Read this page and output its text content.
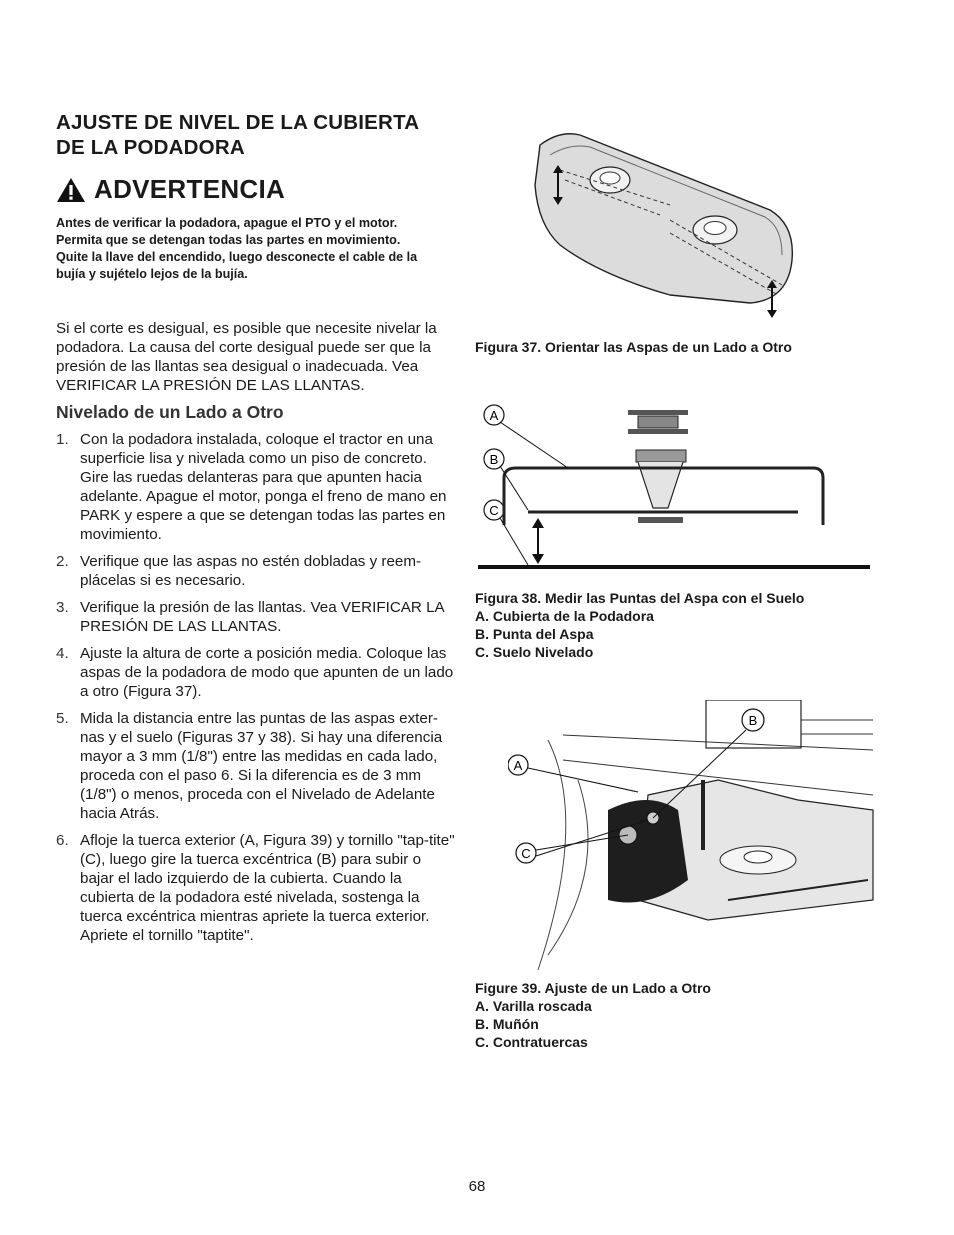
AJUSTE DE NIVEL DE LA CUBIERTA
DE LA PODADORA
ADVERTENCIA
Antes de verificar la podadora, apague el PTO y el motor. Permita que se detengan todas las partes en movimiento. Quite la llave del encendido, luego desconecte el cable de la bujía y sujételo lejos de la bujía.
Si el corte es desigual, es posible que necesite nivelar la podadora. La causa del corte desigual puede ser que la presión de las llantas sea desigual o inadecuada. Vea VERIFICAR LA PRESIÓN DE LAS LLANTAS.
Nivelado de un Lado a Otro
1. Con la podadora instalada, coloque el tractor en una superficie lisa y nivelada como un piso de concreto. Gire las ruedas delanteras para que apunten hacia adelante. Apague el motor, ponga el freno de mano en PARK y espere a que se detengan todas las partes en movimiento.
2. Verifique que las aspas no estén dobladas y reem-plácelas si es necesario.
3. Verifique la presión de las llantas. Vea VERIFICAR LA PRESIÓN DE LAS LLANTAS.
4. Ajuste la altura de corte a posición media. Coloque las aspas de la podadora de modo que apunten de un lado a otro (Figura 37).
5. Mida la distancia entre las puntas de las aspas exter-nas y el suelo (Figuras 37 y 38). Si hay una diferencia mayor a 3 mm (1/8") entre las medidas en cada lado, proceda con el paso 6. Si la diferencia es de 3 mm (1/8") o menos, proceda con el Nivelado de Adelante hacia Atrás.
6. Afloje la tuerca exterior (A, Figura 39) y tornillo "tap-tite" (C), luego gire la tuerca excéntrica (B) para subir o bajar el lado izquierdo de la cubierta. Cuando la cubierta de la podadora esté nivelada, sostenga la tuerca excéntrica mientras apriete la tuerca exterior. Apriete el tornillo "taptite".
Figura 37. Orientar las Aspas de un Lado a Otro
A
B
C
Figura 38. Medir las Puntas del Aspa con el Suelo
A. Cubierta de la Podadora
B. Punta del Aspa
C. Suelo Nivelado
B
A
C
Figure 39. Ajuste de un Lado a Otro
A. Varilla roscada
B. Muñón
C. Contratuercas
68
